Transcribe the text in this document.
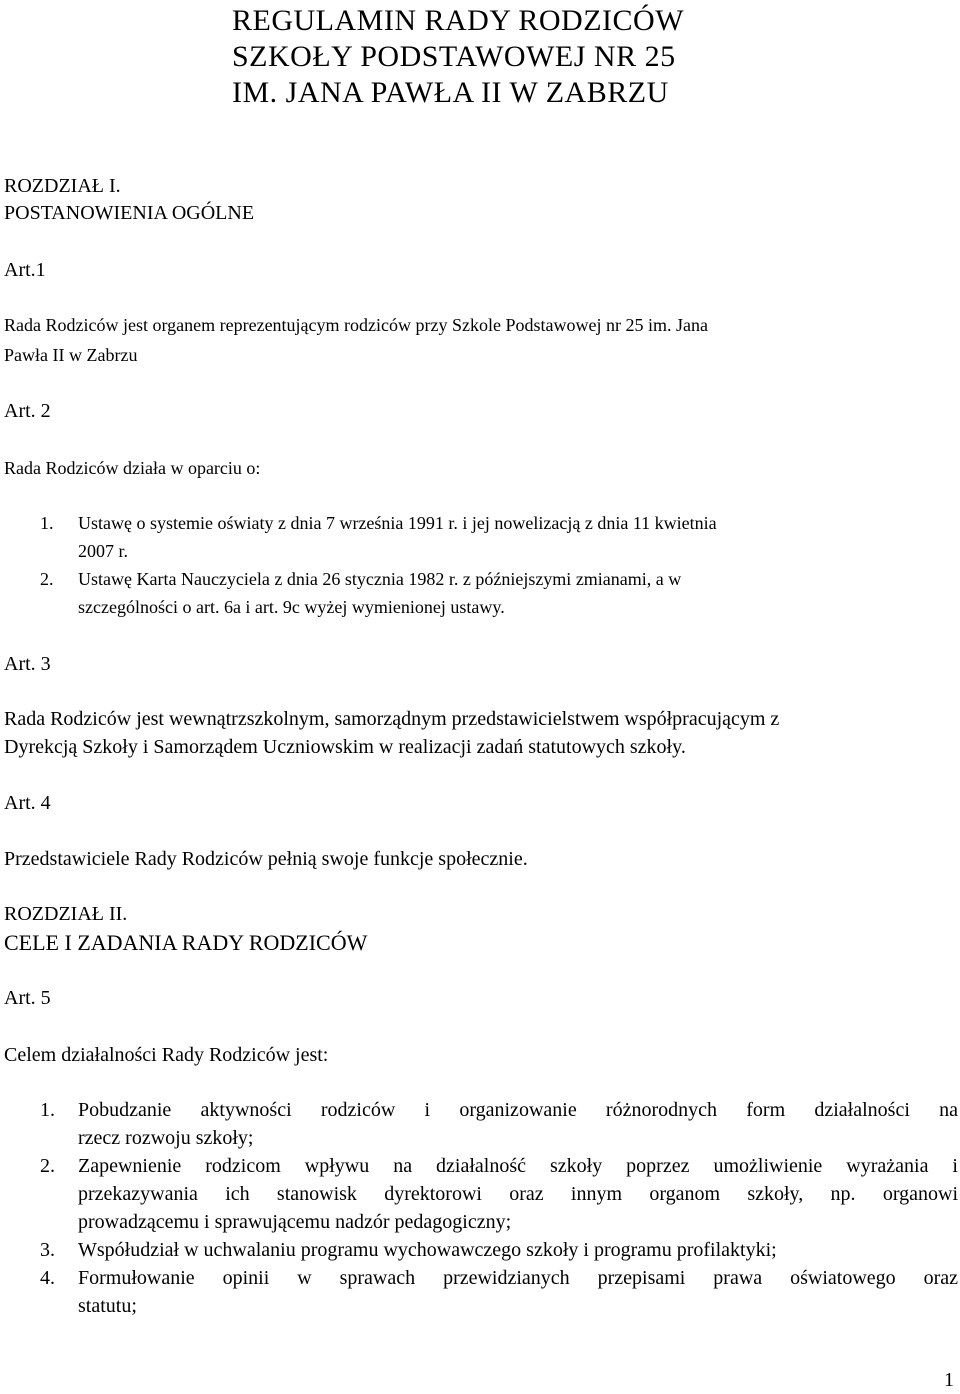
REGULAMIN RADY RODZICÓW
SZKOŁY PODSTAWOWEJ NR 25
IM. JANA PAWŁA II W ZABRZU
ROZDZIAŁ I.
POSTANOWIENIA OGÓLNE
Art.1
Rada Rodziców jest organem reprezentującym rodziców przy Szkole Podstawowej nr 25 im. Jana
Pawła II w Zabrzu
Art. 2
Rada Rodziców działa w oparciu o:
1. Ustawę o systemie oświaty z dnia 7 września 1991 r. i jej nowelizacją z dnia 11 kwietnia
2007 r.
2. Ustawę Karta Nauczyciela z dnia 26 stycznia 1982 r. z późniejszymi zmianami, a w
szczególności o art. 6a i art. 9c wyżej wymienionej ustawy.
Art. 3
Rada Rodziców jest wewnątrzszkolnym, samorządnym przedstawicielstwem współpracującym z
Dyrekcją Szkoły i Samorządem Uczniowskim w realizacji zadań statutowych szkoły.
Art. 4
Przedstawiciele Rady Rodziców pełnią swoje funkcje społecznie.
ROZDZIAŁ II.
CELE I ZADANIA RADY RODZICÓW
Art. 5
Celem działalności Rady Rodziców jest:
1. Pobudzanie aktywności rodziców i organizowanie różnorodnych form działalności na
rzecz rozwoju szkoły;
2. Zapewnienie rodzicom wpływu na działalność szkoły poprzez umożliwienie wyrażania i
przekazywania ich stanowisk dyrektorowi oraz innym organom szkoły, np. organowi
prowadzącemu i sprawującemu nadzór pedagogiczny;
3. Współudział w uchwalaniu programu wychowawczego szkoły i programu profilaktyki;
4. Formułowanie opinii w sprawach przewidzianych przepisami prawa oświatowego oraz
statutu;
1
